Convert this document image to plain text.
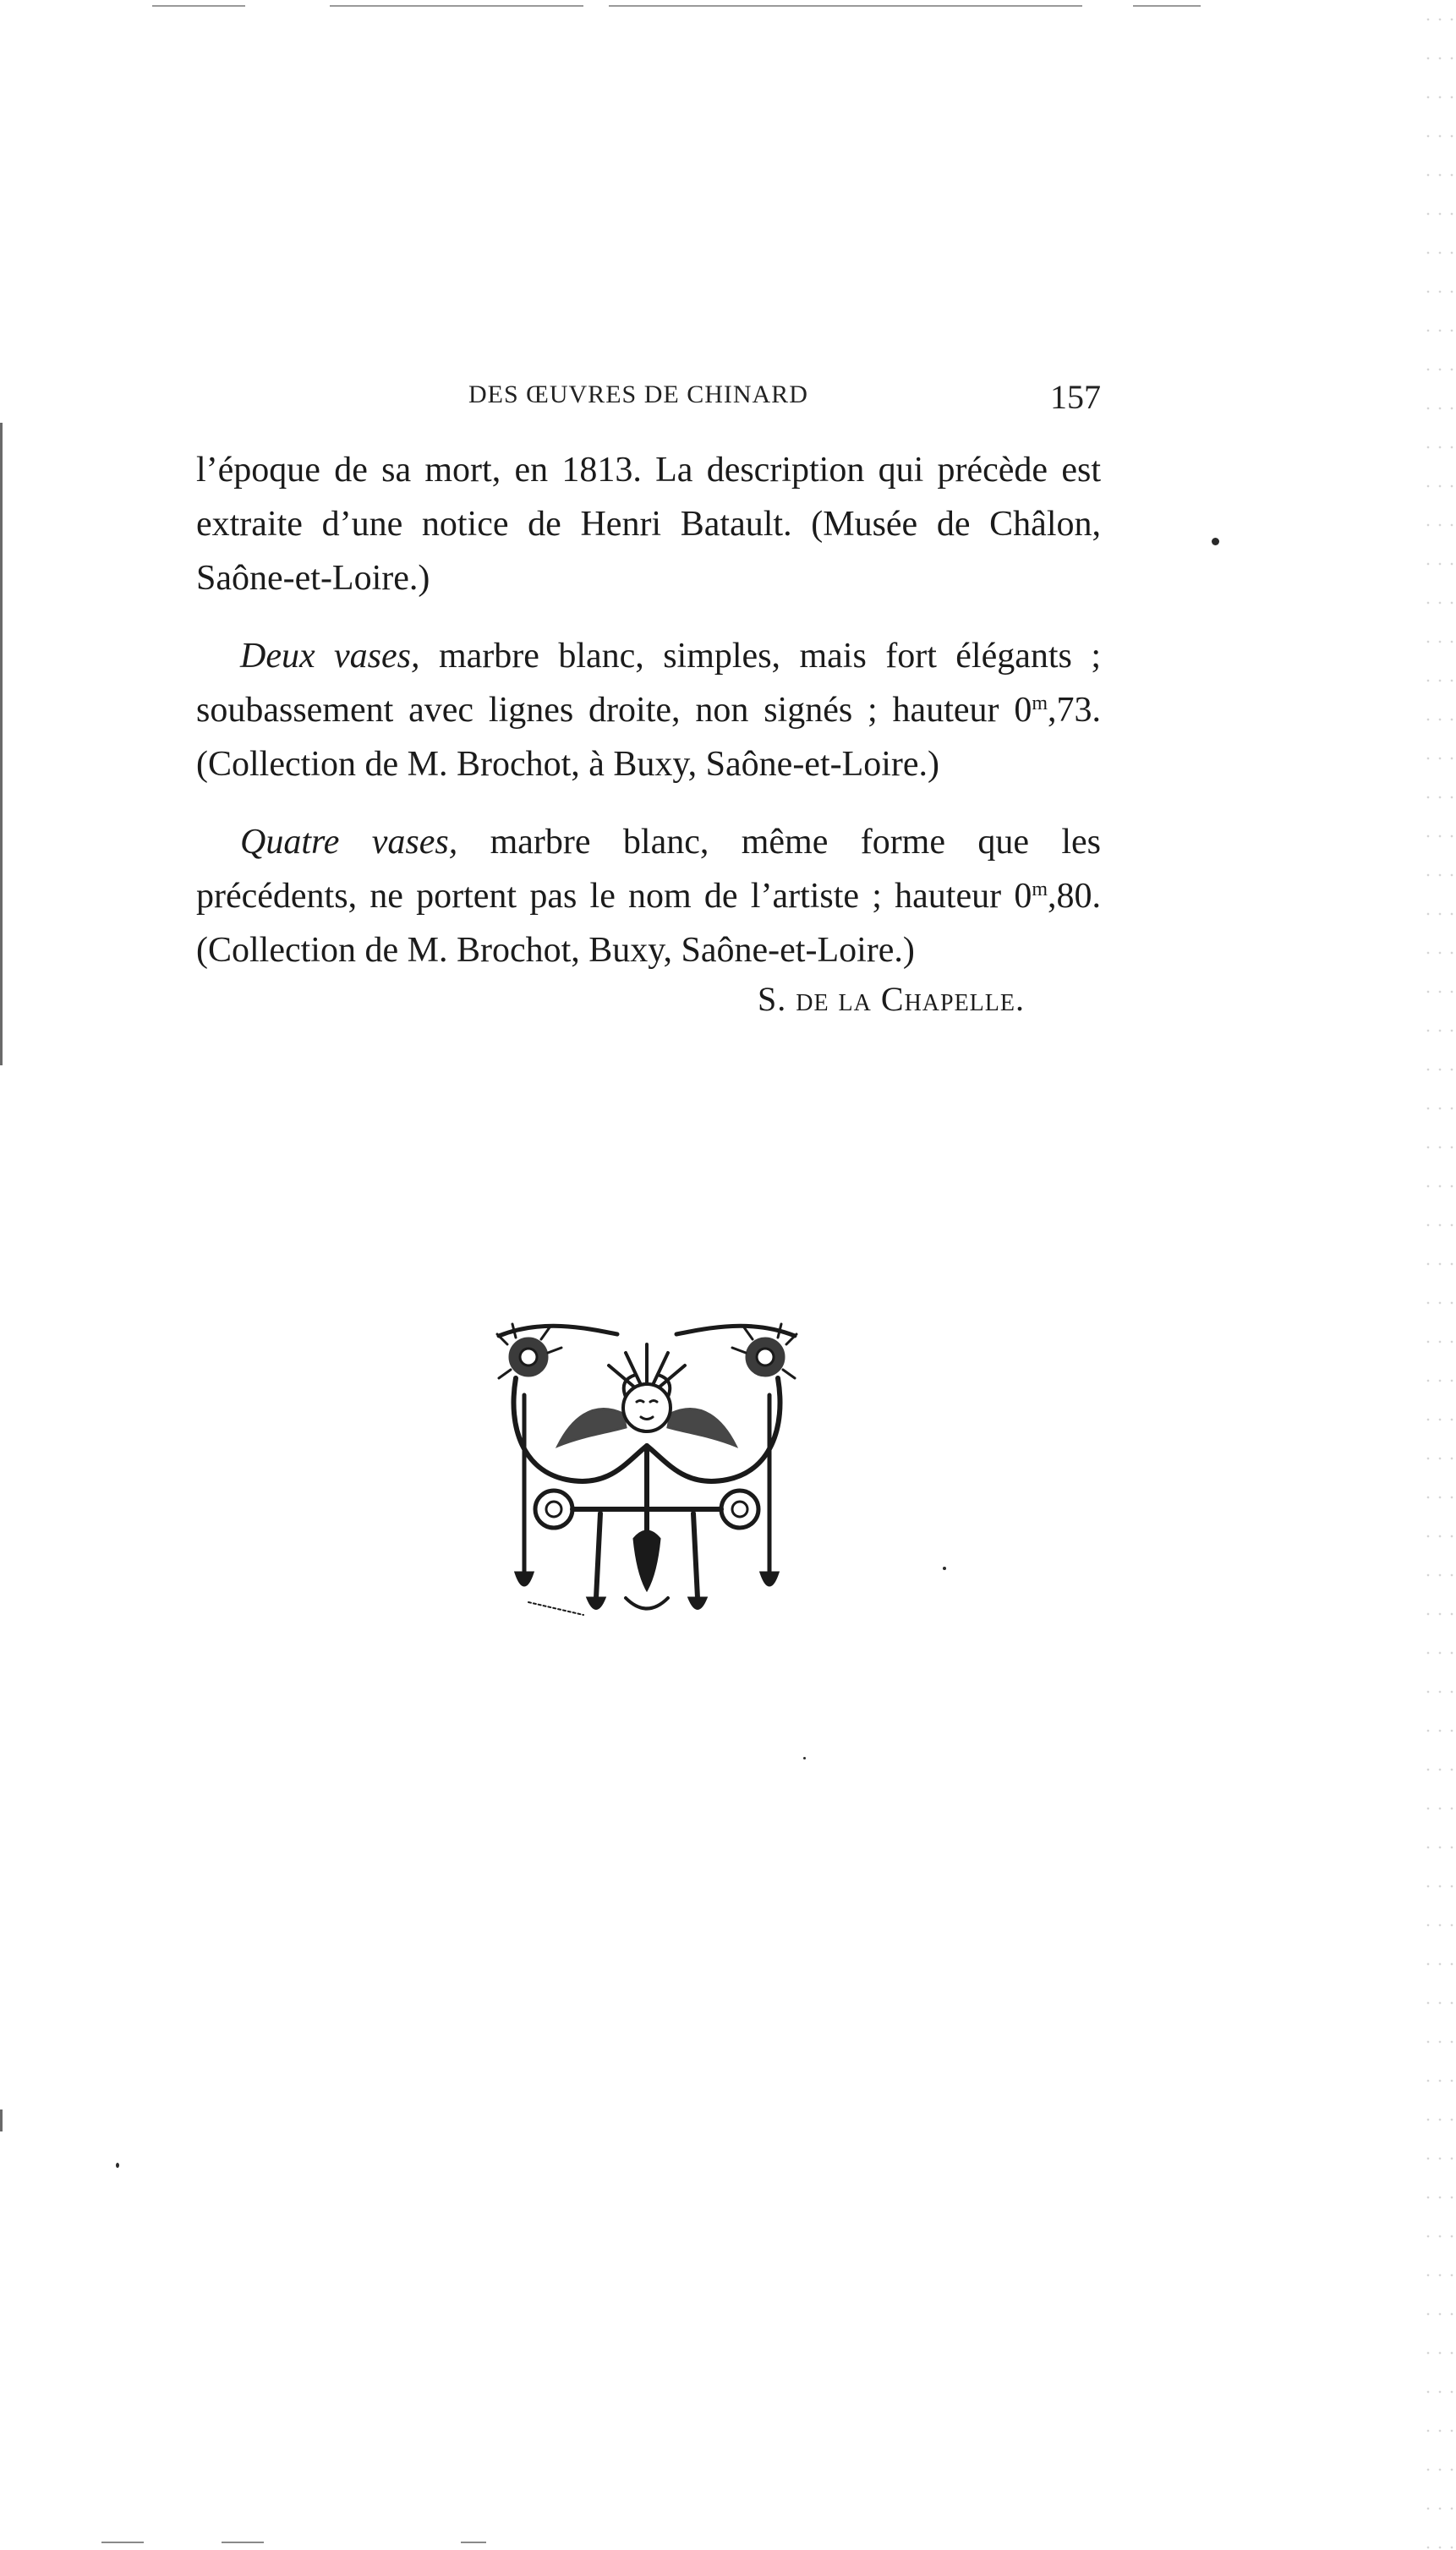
DES ŒUVRES DE CHINARD	157

l’époque de sa mort, en 1813. La description qui précède est extraite d’une notice de Henri Batault. (Musée de Châlon, Saône-et-Loire.)

Deux vases, marbre blanc, simples, mais fort élégants ; soubassement avec lignes droite, non signés ; hauteur 0$^m$,73. (Collection de M. Brochot, à Buxy, Saône-et-Loire.)

Quatre vases, marbre blanc, même forme que les précédents, ne portent pas le nom de l’artiste ; hauteur 0$^m$,80. (Collection de M. Brochot, Buxy, Saône-et-Loire.)

S. de la Chapelle.
